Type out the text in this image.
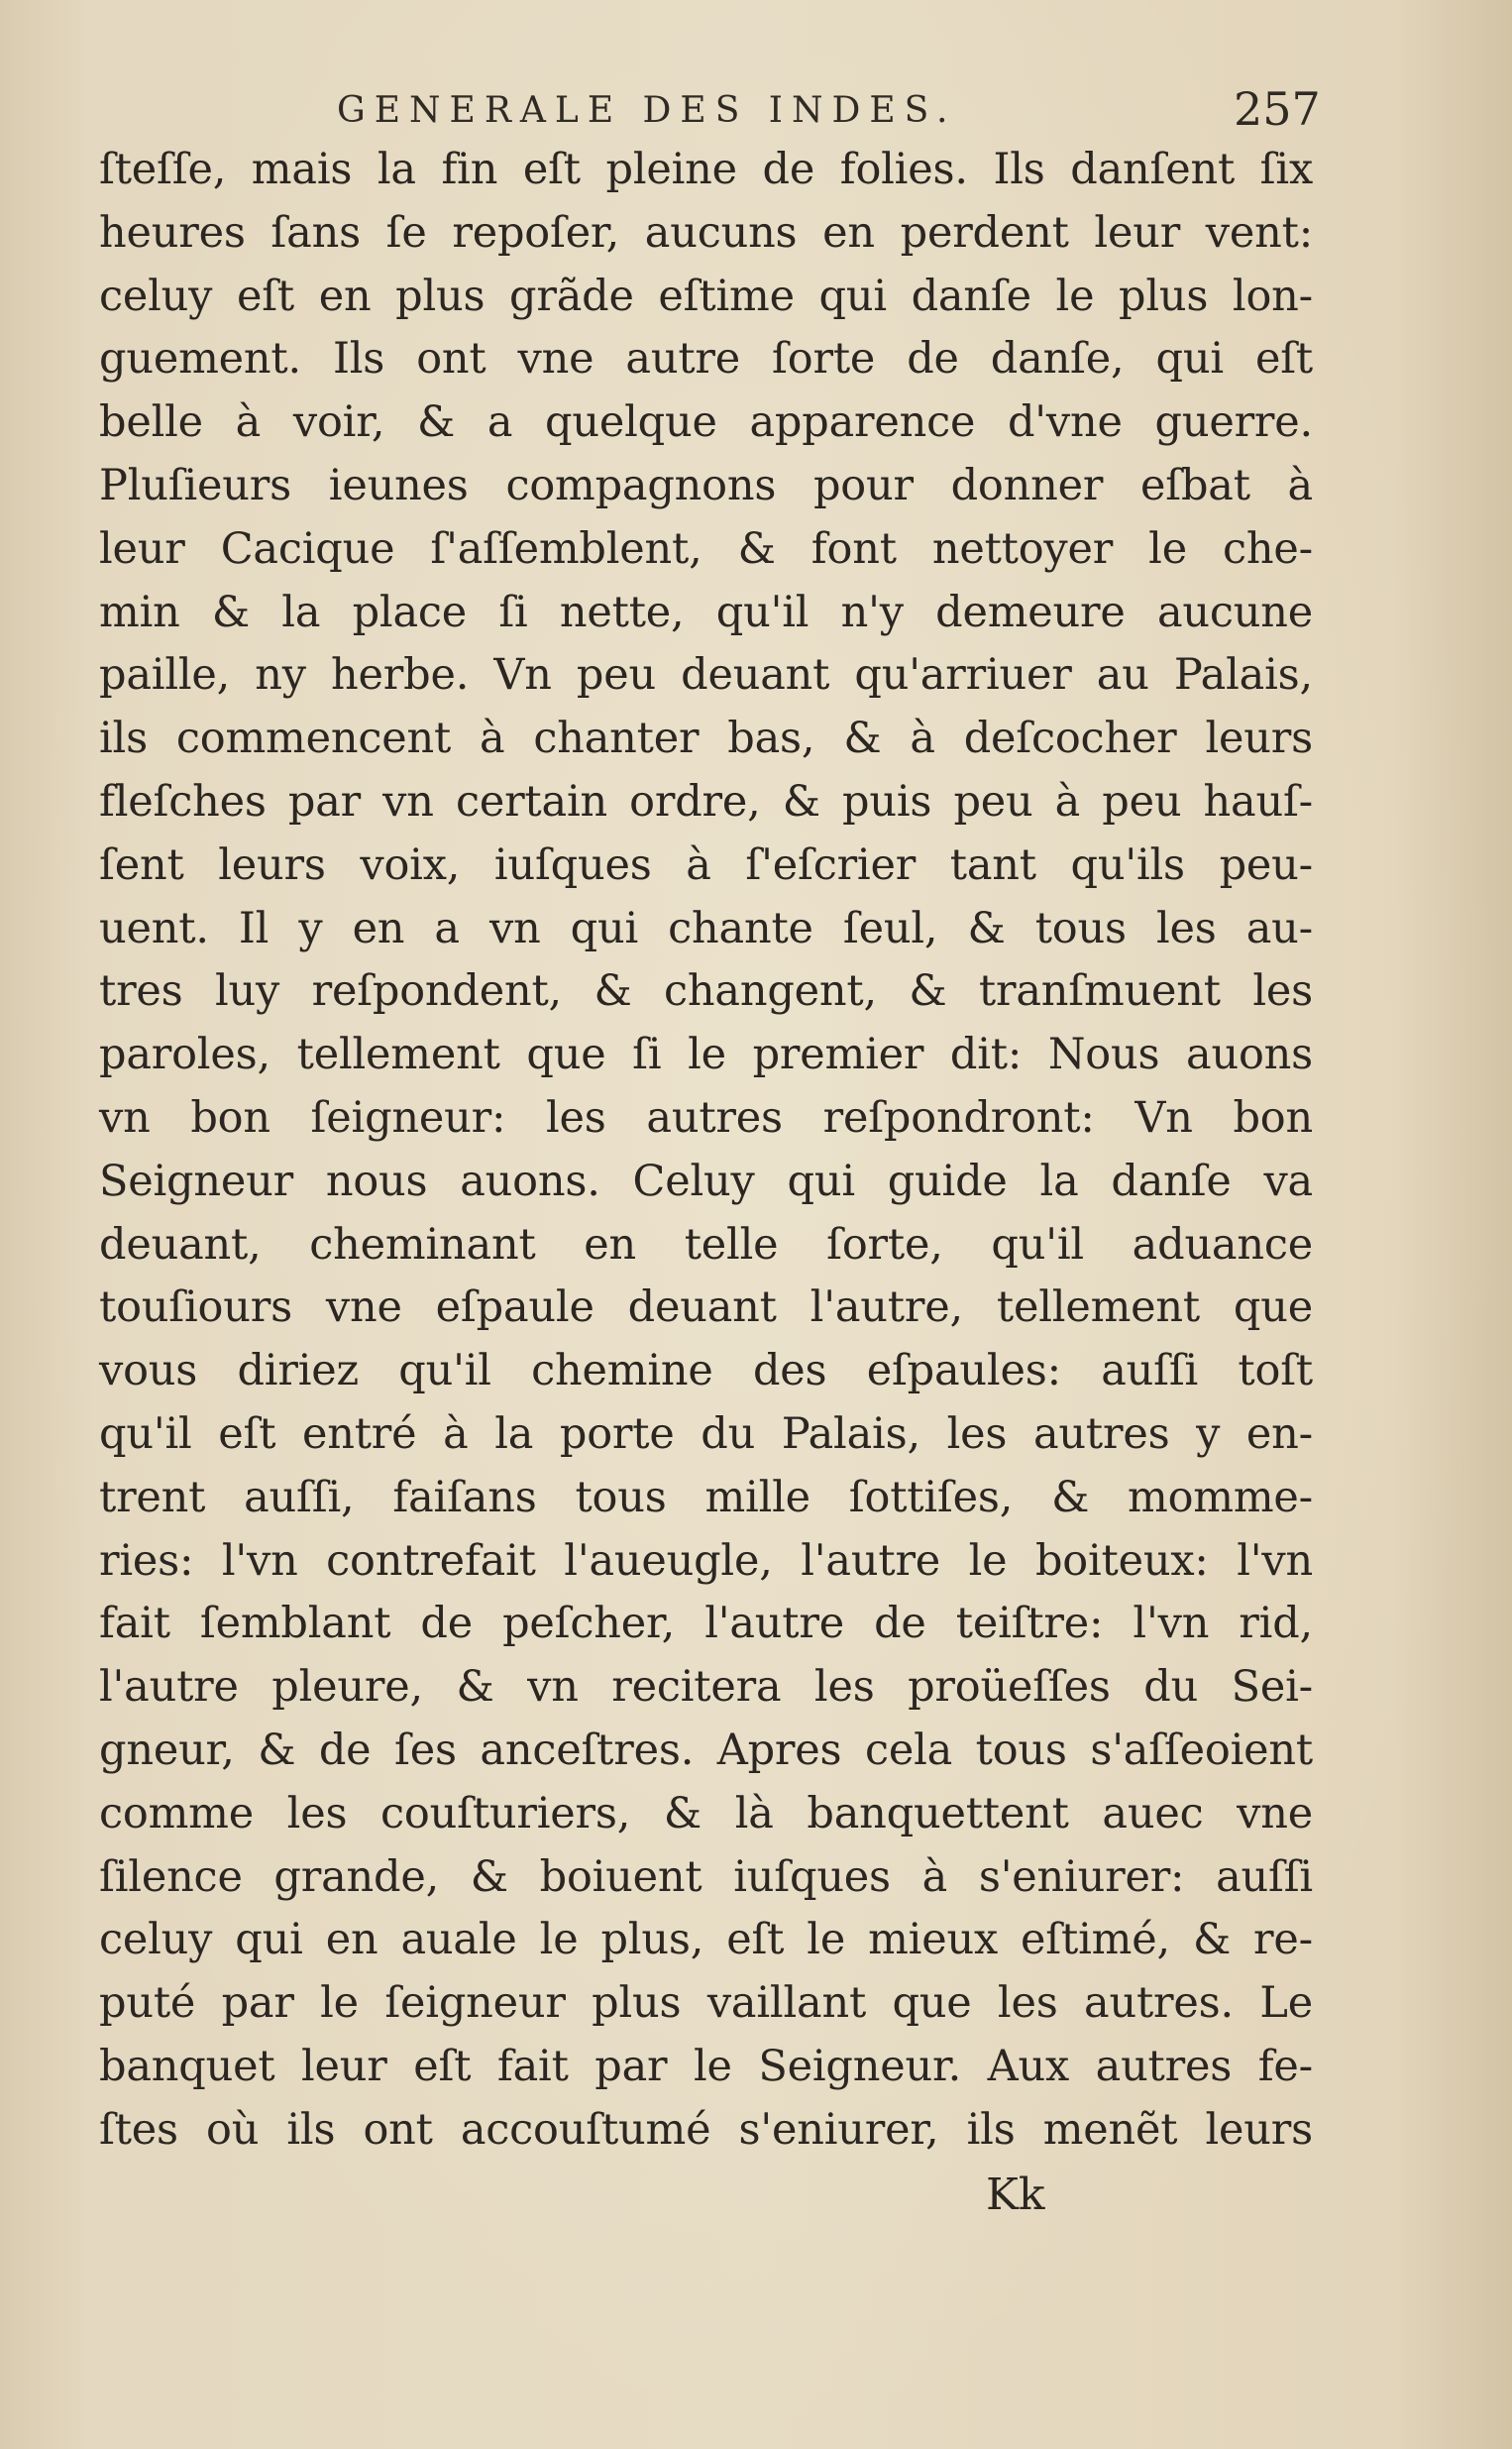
GENERALE DES INDES.	257
ſteſſe, mais la fin eſt pleine de folies. Ils danſent ſix
heures ſans ſe repoſer, aucuns en perdent leur vent:
celuy eſt en plus grãde eſtime qui danſe le plus lon-
guement. Ils ont vne autre ſorte de danſe, qui eſt
belle à voir, & a quelque apparence d'vne guerre.
Pluſieurs ieunes compagnons pour donner eſbat à
leur Cacique ſ'aſſemblent, & font nettoyer le che-
min & la place ſi nette, qu'il n'y demeure aucune
paille, ny herbe. Vn peu deuant qu'arriuer au Palais,
ils commencent à chanter bas, & à deſcocher leurs
fleſches par vn certain ordre, & puis peu à peu hauſ-
ſent leurs voix, iuſques à ſ'eſcrier tant qu'ils peu-
uent. Il y en a vn qui chante ſeul, & tous les au-
tres luy reſpondent, & changent, & tranſmuent les
paroles, tellement que ſi le premier dit: Nous auons
vn bon ſeigneur: les autres reſpondront: Vn bon
Seigneur nous auons. Celuy qui guide la danſe va
deuant, cheminant en telle ſorte, qu'il aduance
touſiours vne eſpaule deuant l'autre, tellement que
vous diriez qu'il chemine des eſpaules: auſſi toſt
qu'il eſt entré à la porte du Palais, les autres y en-
trent auſſi, faiſans tous mille ſottiſes, & momme-
ries: l'vn contrefait l'aueugle, l'autre le boiteux: l'vn
fait ſemblant de peſcher, l'autre de teiſtre: l'vn rid,
l'autre pleure, & vn recitera les proüeſſes du Sei-
gneur, & de ſes anceſtres. Apres cela tous s'aſſeoient
comme les couſturiers, & là banquettent auec vne
ſilence grande, & boiuent iuſques à s'eniurer: auſſi
celuy qui en auale le plus, eſt le mieux eſtimé, & re-
puté par le ſeigneur plus vaillant que les autres. Le
banquet leur eſt fait par le Seigneur. Aux autres fe-
ſtes où ils ont accouſtumé s'eniurer, ils menẽt leurs
Kk
